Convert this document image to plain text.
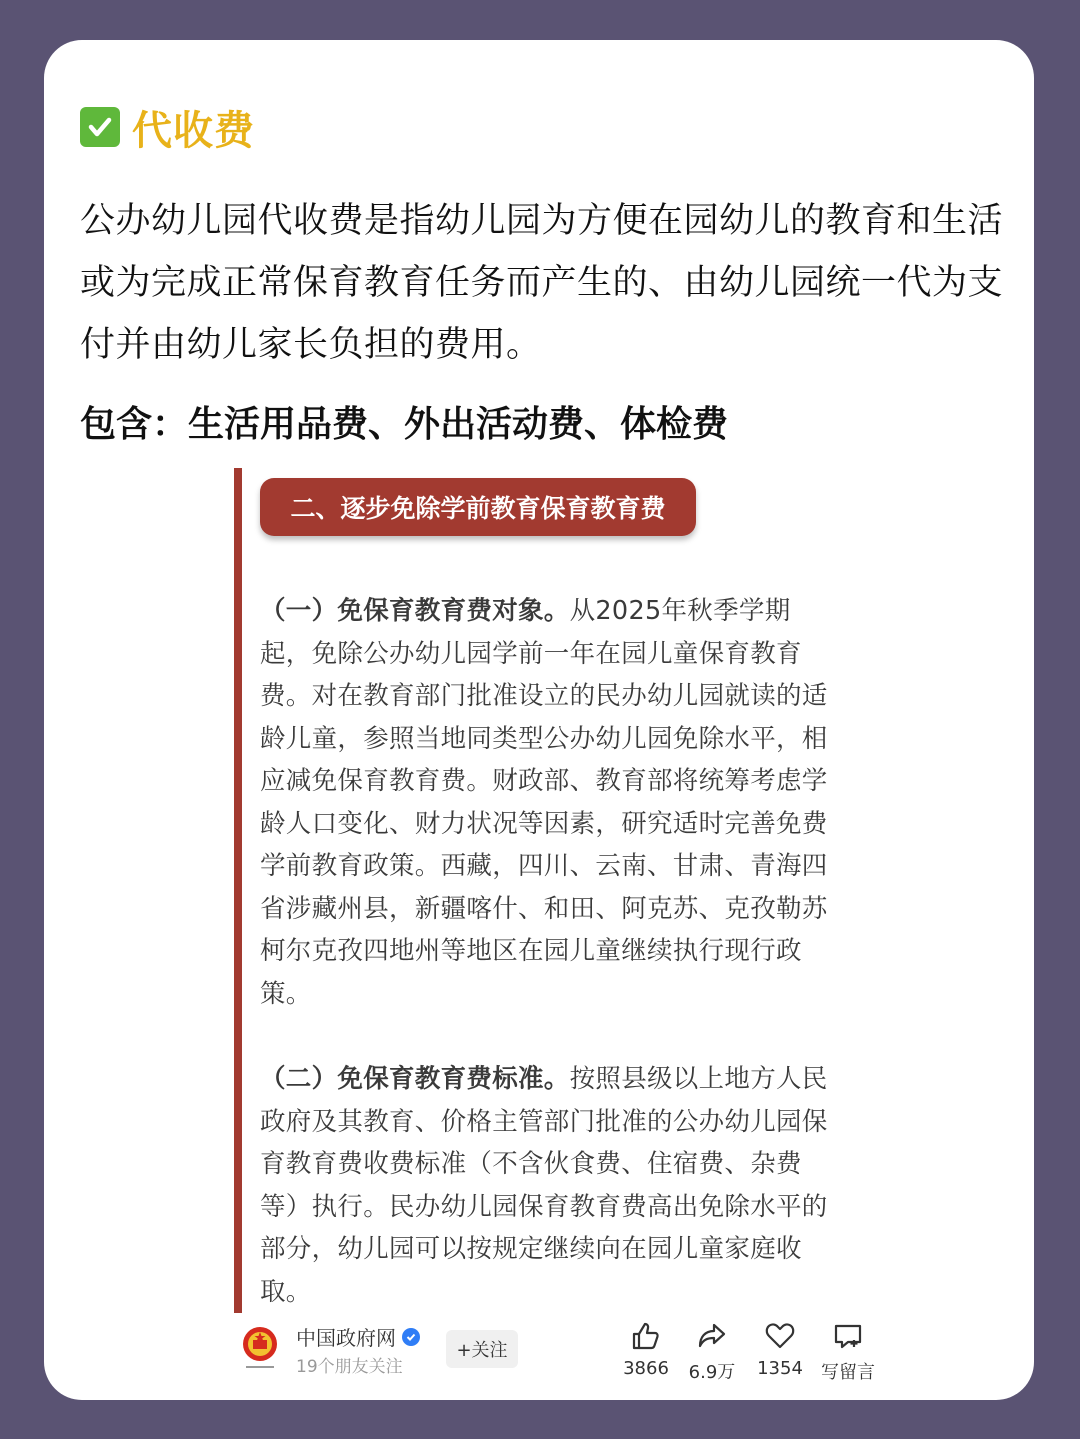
代收费
公办幼儿园代收费是指幼儿园为方便在园幼儿的教育和生活或为完成正常保育教育任务而产生的、由幼儿园统一代为支付并由幼儿家长负担的费用。
包含：生活用品费、外出活动费、体检费
二、逐步免除学前教育保育教育费
（一）免保育教育费对象。从2025年秋季学期起，免除公办幼儿园学前一年在园儿童保育教育费。对在教育部门批准设立的民办幼儿园就读的适龄儿童，参照当地同类型公办幼儿园免除水平，相应减免保育教育费。财政部、教育部将统筹考虑学龄人口变化、财力状况等因素，研究适时完善免费学前教育政策。西藏，四川、云南、甘肃、青海四省涉藏州县，新疆喀什、和田、阿克苏、克孜勒苏柯尔克孜四地州等地区在园儿童继续执行现行政策。
（二）免保育教育费标准。按照县级以上地方人民政府及其教育、价格主管部门批准的公办幼儿园保育教育费收费标准（不含伙食费、住宿费、杂费等）执行。民办幼儿园保育教育费高出免除水平的部分，幼儿园可以按规定继续向在园儿童家庭收取。
中国政府网
19个朋友关注
+关注
3866	6.9万	1354	写留言
